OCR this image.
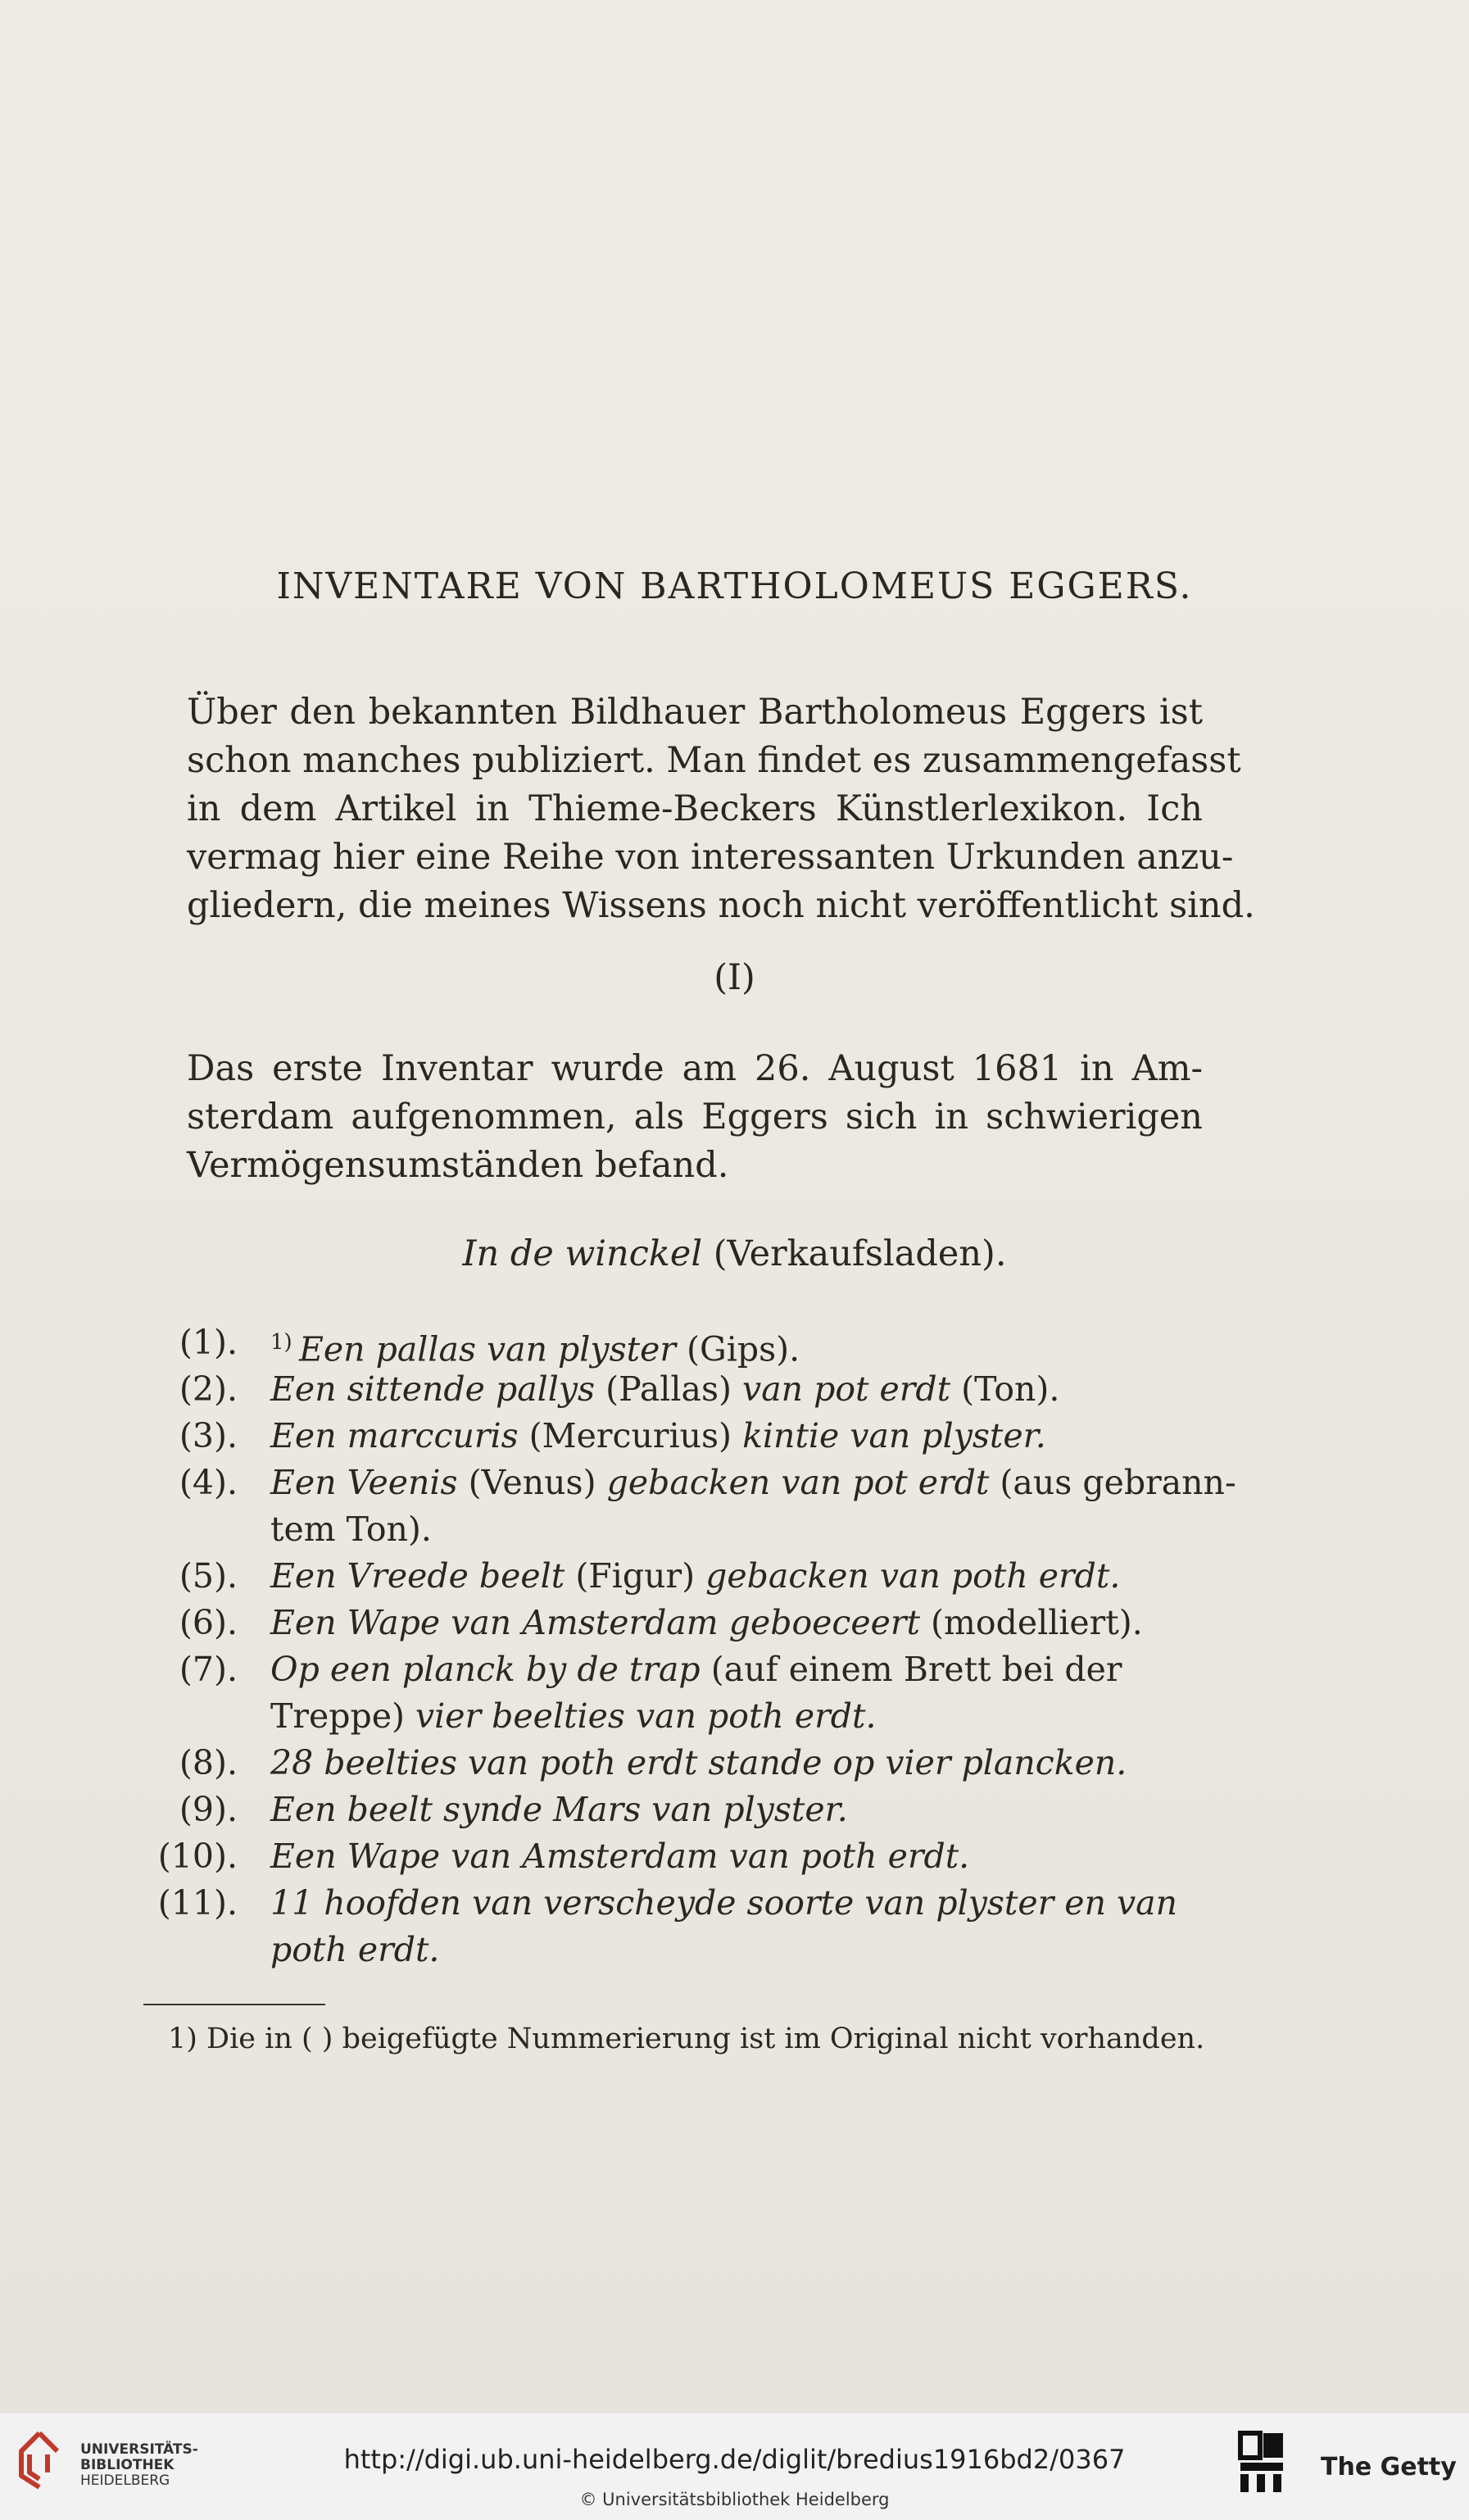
INVENTARE VON BARTHOLOMEUS EGGERS.
Über den bekannten Bildhauer Bartholomeus Eggers ist
schon manches publiziert. Man findet es zusammengefasst
in dem Artikel in Thieme-Beckers Künstlerlexikon. Ich
vermag hier eine Reihe von interessanten Urkunden anzu-
gliedern, die meines Wissens noch nicht veröffentlicht sind.
(I)
Das erste Inventar wurde am 26. August 1681 in Am-
sterdam aufgenommen, als Eggers sich in schwierigen
Vermögensumständen befand.
In de winckel (Verkaufsladen).
(1). $^{1)}$ Een pallas van plyster (Gips).
(2). Een sittende pallys (Pallas) van pot erdt (Ton).
(3). Een marccuris (Mercurius) kintie van plyster.
(4). Een Veenis (Venus) gebacken van pot erdt (aus gebrann-
tem Ton).
(5). Een Vreede beelt (Figur) gebacken van poth erdt.
(6). Een Wape van Amsterdam geboeceert (modelliert).
(7). Op een planck by de trap (auf einem Brett bei der
Treppe) vier beelties van poth erdt.
(8). 28 beelties van poth erdt stande op vier plancken.
(9). Een beelt synde Mars van plyster.
(10). Een Wape van Amsterdam van poth erdt.
(11). 11 hoofden van verscheyde soorte van plyster en van
poth erdt.
1) Die in ( ) beigefügte Nummerierung ist im Original nicht vorhanden.
UNIVERSITÄTS-
BIBLIOTHEK
HEIDELBERG
http://digi.ub.uni-heidelberg.de/diglit/bredius1916bd2/0367
© Universitätsbibliothek Heidelberg
The Getty
